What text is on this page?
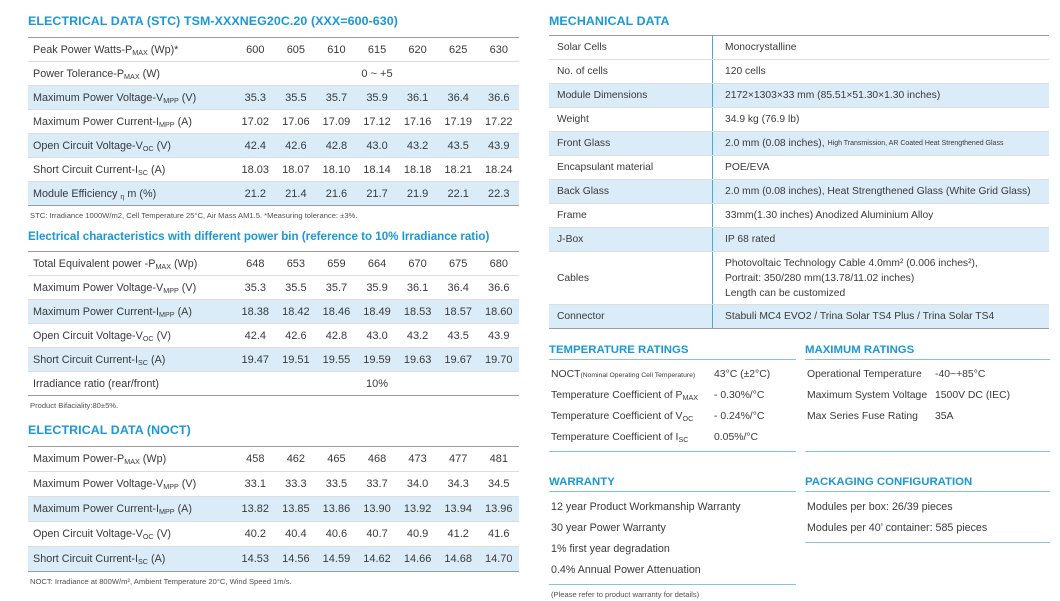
ELECTRICAL DATA (STC) TSM-XXXNEG20C.20 (XXX=600-630)
Peak Power Watts-PMAX (Wp)*	600	605	610	615	620	625	630
Power Tolerance-PMAX (W)	0 ~ +5
Maximum Power Voltage-VMPP (V)	35.3	35.5	35.7	35.9	36.1	36.4	36.6
Maximum Power Current-IMPP (A)	17.02	17.06	17.09	17.12	17.16	17.19	17.22
Open Circuit Voltage-VOC (V)	42.4	42.6	42.8	43.0	43.2	43.5	43.9
Short Circuit Current-ISC (A)	18.03	18.07	18.10	18.14	18.18	18.21	18.24
Module Efficiency η m (%)	21.2	21.4	21.6	21.7	21.9	22.1	22.3
STC: Irradiance 1000W/m2, Cell Temperature 25°C, Air Mass AM1.5. *Measuring tolerance: ±3%.
Electrical characteristics with different power bin (reference to 10% Irradiance ratio)
Total Equivalent power -PMAX (Wp)	648	653	659	664	670	675	680
Maximum Power Voltage-VMPP (V)	35.3	35.5	35.7	35.9	36.1	36.4	36.6
Maximum Power Current-IMPP (A)	18.38	18.42	18.46	18.49	18.53	18.57	18.60
Open Circuit Voltage-VOC (V)	42.4	42.6	42.8	43.0	43.2	43.5	43.9
Short Circuit Current-ISC (A)	19.47	19.51	19.55	19.59	19.63	19.67	19.70
Irradiance ratio (rear/front)	10%
Product Bifaciality:80±5%.
ELECTRICAL DATA (NOCT)
Maximum Power-PMAX (Wp)	458	462	465	468	473	477	481
Maximum Power Voltage-VMPP (V)	33.1	33.3	33.5	33.7	34.0	34.3	34.5
Maximum Power Current-IMPP (A)	13.82	13.85	13.86	13.90	13.92	13.94	13.96
Open Circuit Voltage-VOC (V)	40.2	40.4	40.6	40.7	40.9	41.2	41.6
Short Circuit Current-ISC (A)	14.53	14.56	14.59	14.62	14.66	14.68	14.70
NOCT: Irradiance at 800W/m², Ambient Temperature 20°C, Wind Speed 1m/s.
MECHANICAL DATA
Solar Cells	Monocrystalline
No. of cells	120 cells
Module Dimensions	2172×1303×33 mm (85.51×51.30×1.30 inches)
Weight	34.9 kg (76.9 lb)
Front Glass	2.0 mm (0.08 inches), High Transmission, AR Coated Heat Strengthened Glass
Encapsulant material	POE/EVA
Back Glass	2.0 mm (0.08 inches), Heat Strengthened Glass (White Grid Glass)
Frame	33mm(1.30 inches) Anodized Aluminium Alloy
J-Box	IP 68 rated
Cables
Photovoltaic Technology Cable 4.0mm² (0.006 inches²),
Portrait: 350/280 mm(13.78/11.02 inches)
Length can be customized
Connector	Stabuli MC4 EVO2 / Trina Solar TS4 Plus / Trina Solar TS4
TEMPERATURE RATINGS
NOCT(Nominal Operating Cell Temperature)	43°C (±2°C)
Temperature Coefficient of PMAX	- 0.30%/°C
Temperature Coefficient of VOC	- 0.24%/°C
Temperature Coefficient of ISC	0.05%/°C
MAXIMUM RATINGS
Operational Temperature	-40~+85°C
Maximum System Voltage 1500V DC (IEC)
Max Series Fuse Rating	35A
WARRANTY
12 year Product Workmanship Warranty
30 year Power Warranty
1% first year degradation
0.4% Annual Power Attenuation
(Please refer to product warranty for details)
PACKAGING CONFIGURATION
Modules per box: 26/39 pieces
Modules per 40’ container: 585 pieces
